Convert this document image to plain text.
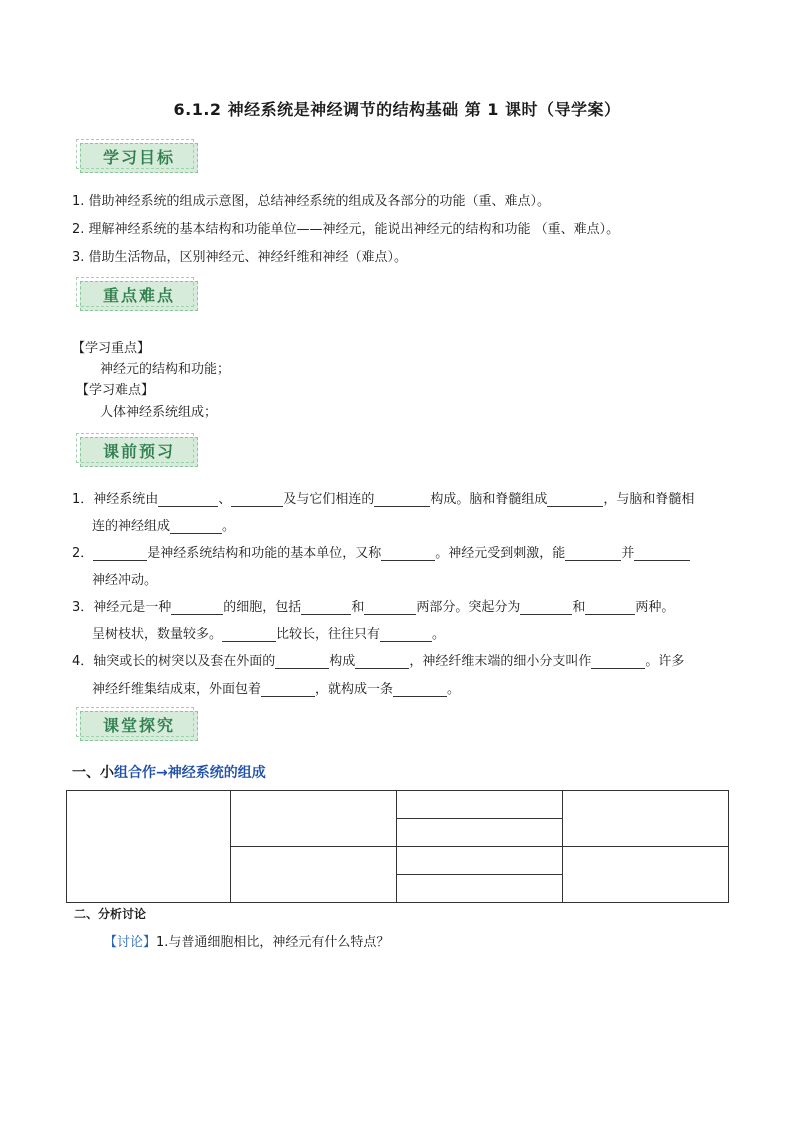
6.1.2 神经系统是神经调节的结构基础 第 1 课时（导学案）
学习目标
1. 借助神经系统的组成示意图，总结神经系统的组成及各部分的功能（重、难点）。
2. 理解神经系统的基本结构和功能单位——神经元，能说出神经元的结构和功能 （重、难点）。
3. 借助生活物品，区别神经元、神经纤维和神经（难点）。
重点难点
【学习重点】
神经元的结构和功能；
【学习难点】
人体神经系统组成；
课前预习
1．神经系统由	、	及与它们相连的	构成。脑和脊髓组成	，与脑和脊髓相
连的神经组成	。
2．	是神经系统结构和功能的基本单位，又称	。神经元受到刺激，能	并
神经冲动。
3．神经元是一种	的细胞，包括	和	两部分。突起分为	和	两种。
呈树枝状，数量较多。	比较长，往往只有	。
4．轴突或长的树突以及套在外面的	构成	，神经纤维末端的细小分支叫作	。许多
神经纤维集结成束，外面包着	，就构成一条	。
课堂探究
一、小组合作→神经系统的组成

二、分析讨论
【讨论】1.与普通细胞相比，神经元有什么特点？
